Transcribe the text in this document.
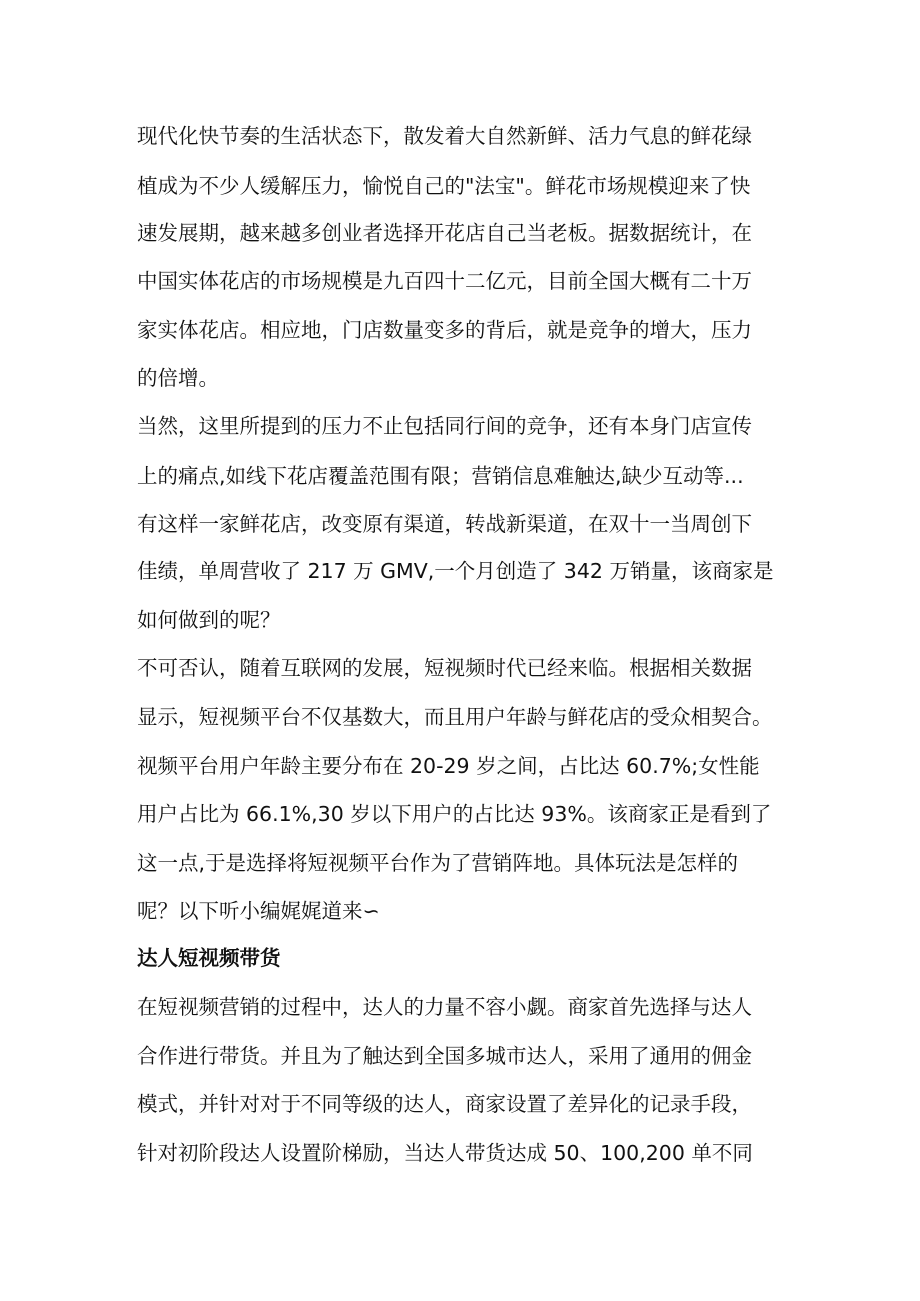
现代化快节奏的生活状态下，散发着大自然新鲜、活力气息的鲜花绿
植成为不少人缓解压力，愉悦自己的"法宝"。鲜花市场规模迎来了快
速发展期，越来越多创业者选择开花店自己当老板。据数据统计，在
中国实体花店的市场规模是九百四十二亿元，目前全国大概有二十万
家实体花店。相应地，门店数量变多的背后，就是竞争的增大，压力
的倍增。
当然，这里所提到的压力不止包括同行间的竞争，还有本身门店宣传
上的痛点,如线下花店覆盖范围有限；营销信息难触达,缺少互动等...
有这样一家鲜花店，改变原有渠道，转战新渠道，在双十一当周创下
佳绩，单周营收了 217 万 GMV,一个月创造了 342 万销量，该商家是
如何做到的呢？
不可否认，随着互联网的发展，短视频时代已经来临。根据相关数据
显示，短视频平台不仅基数大，而且用户年龄与鲜花店的受众相契合。
视频平台用户年龄主要分布在 20-29 岁之间，占比达 60.7%;女性能
用户占比为 66.1%,30 岁以下用户的占比达 93%。该商家正是看到了
这一点,于是选择将短视频平台作为了营销阵地。具体玩法是怎样的
呢？以下听小编娓娓道来∽
达人短视频带货
在短视频营销的过程中，达人的力量不容小觑。商家首先选择与达人
合作进行带货。并且为了触达到全国多城市达人，采用了通用的佣金
模式，并针对对于不同等级的达人，商家设置了差异化的记录手段，
针对初阶段达人设置阶梯励，当达人带货达成 50、100,200 单不同
